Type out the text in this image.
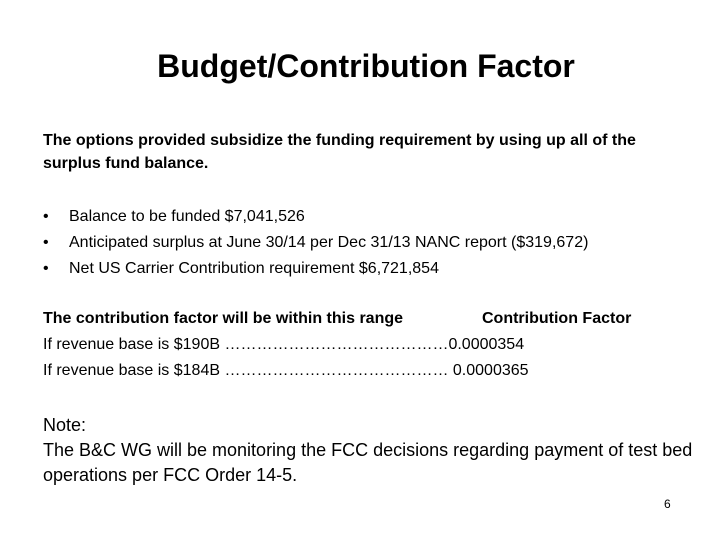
Budget/Contribution Factor

The options provided subsidize the funding requirement by using up all of the surplus fund balance.

•	Balance to be funded $7,041,526
•	Anticipated surplus at June 30/14 per Dec 31/13 NANC report ($319,672)
•	Net US Carrier Contribution requirement $6,721,854
The contribution factor will be within this range	Contribution Factor
If revenue base is $190B ……………………………………0.0000354
If revenue base is $184B …………………………………… 0.0000365
Note:
The B&C WG will be monitoring the FCC decisions regarding payment of test bed operations per FCC Order 14-5.
6
